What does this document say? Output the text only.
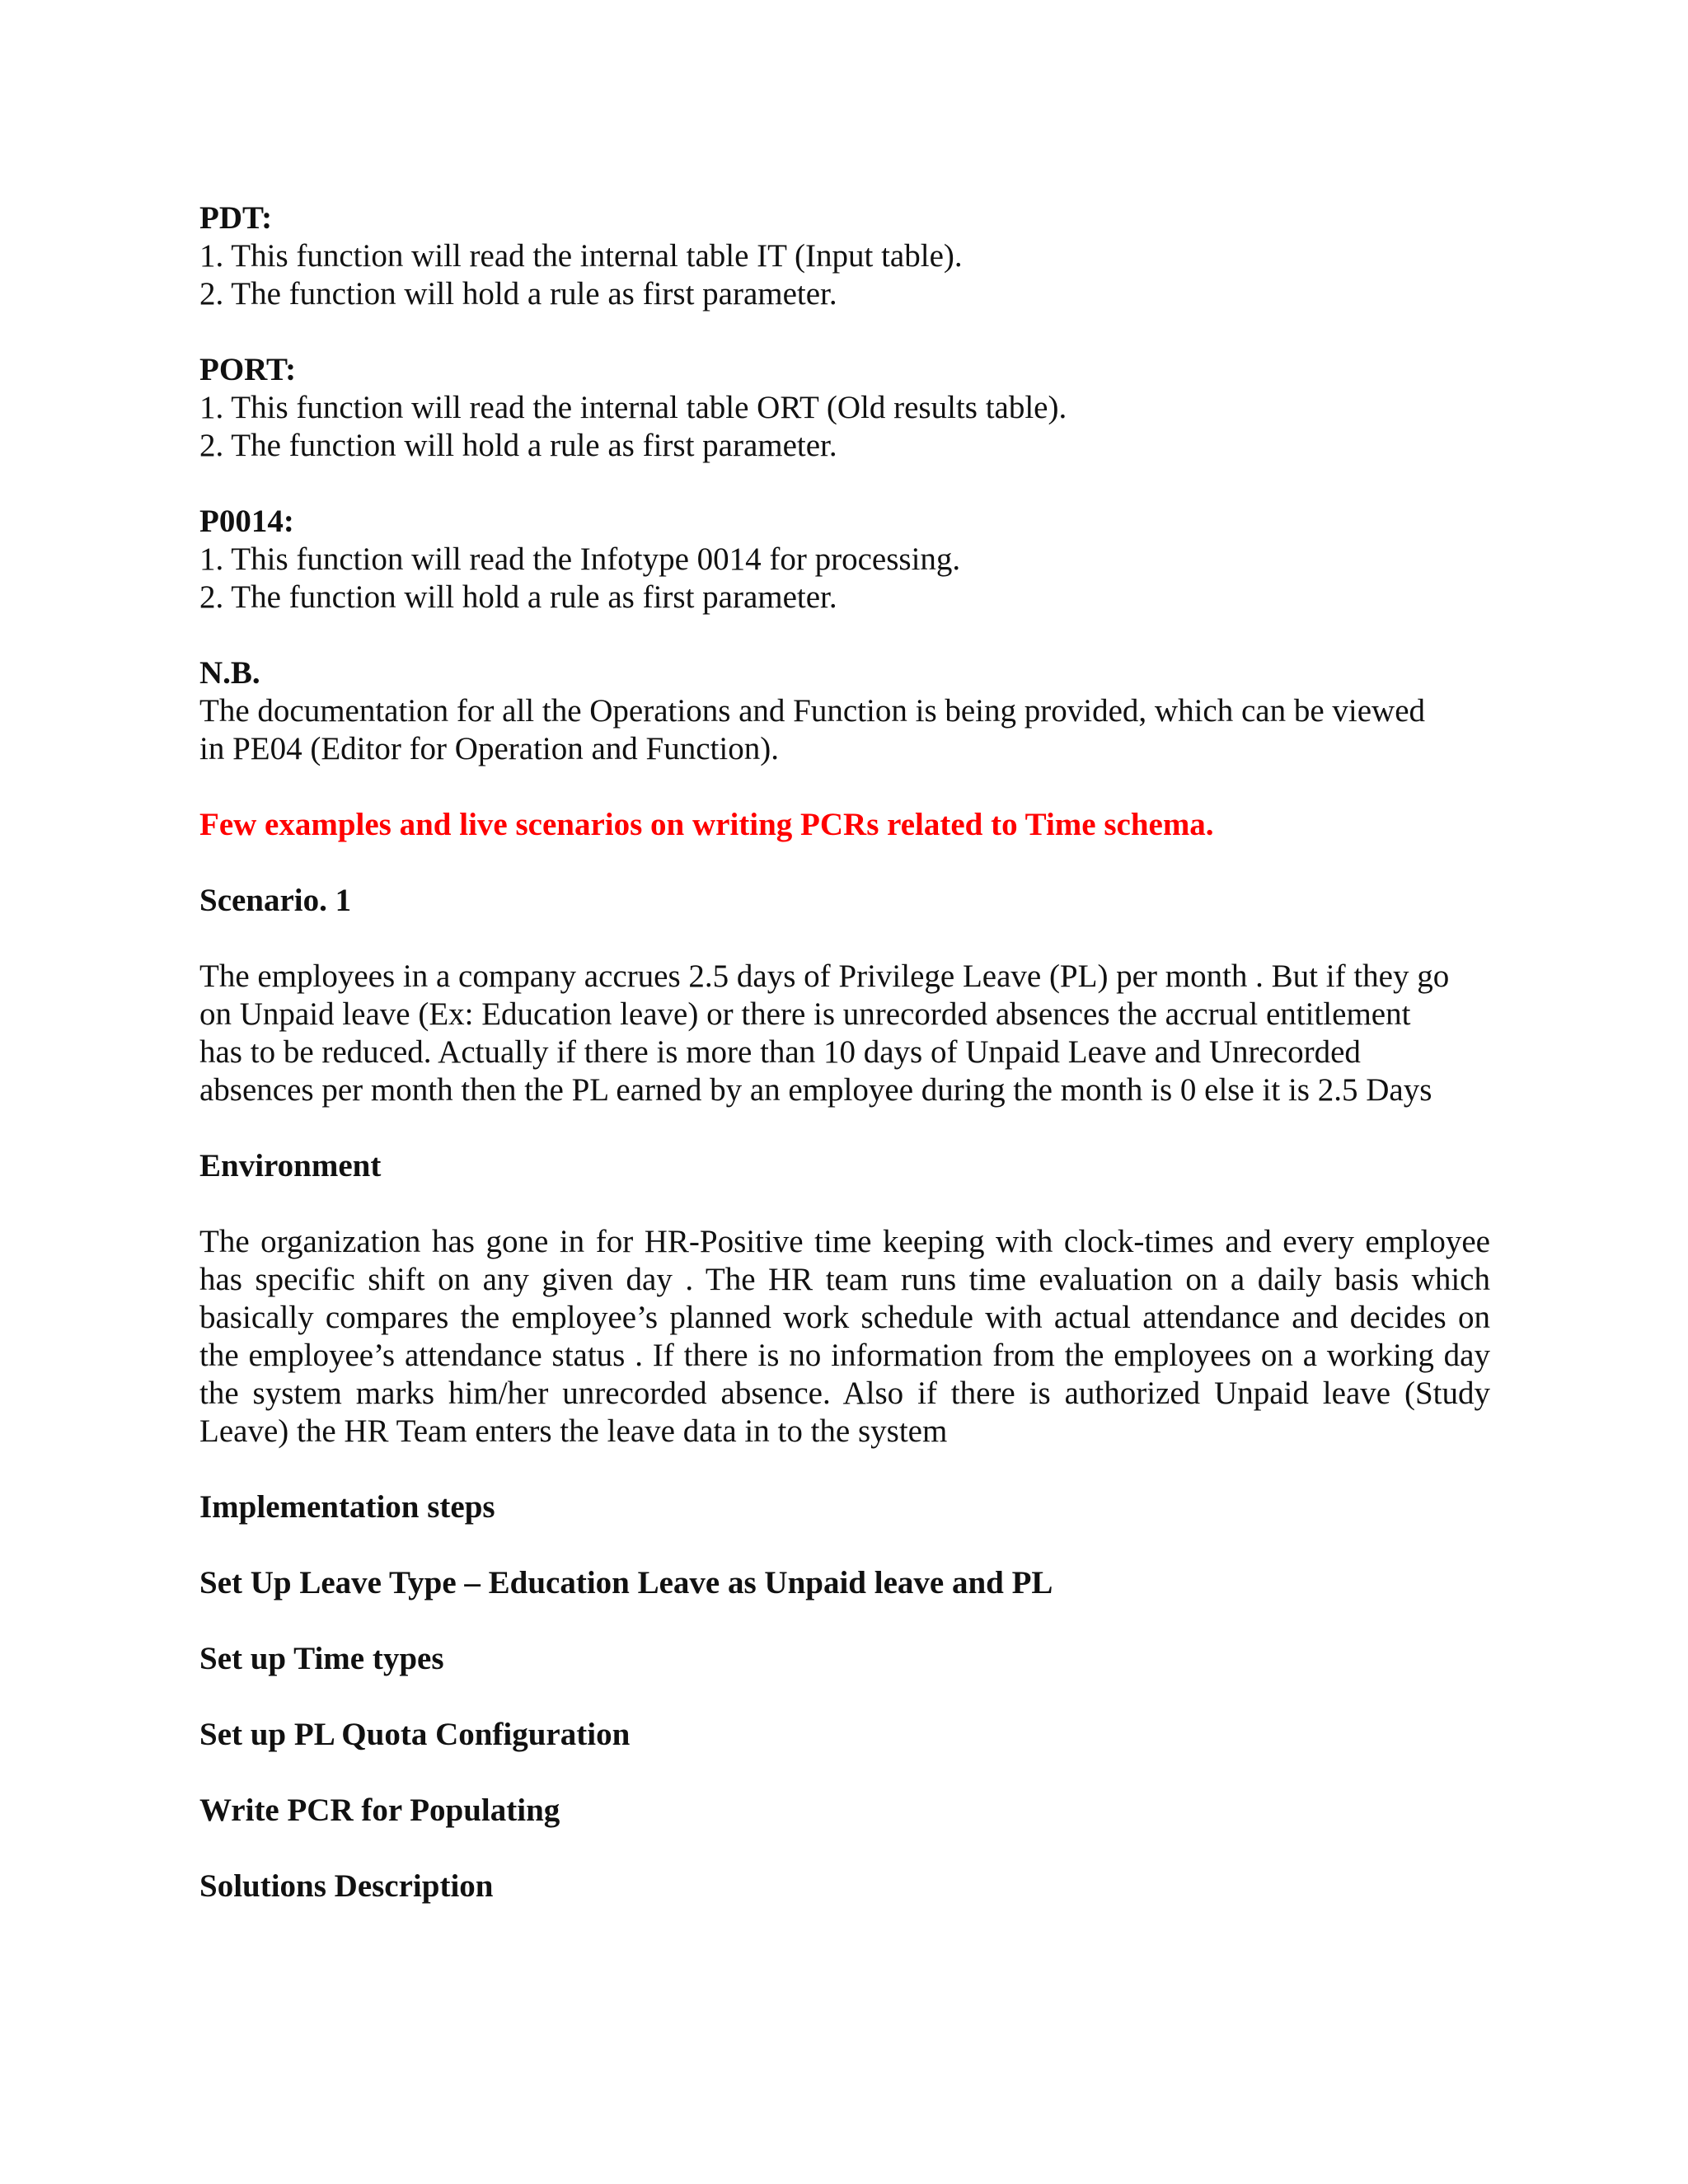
PDT:
1. This function will read the internal table IT (Input table).
2. The function will hold a rule as first parameter.
PORT:
1. This function will read the internal table ORT (Old results table).
2. The function will hold a rule as first parameter.
P0014:
1. This function will read the Infotype 0014 for processing.
2. The function will hold a rule as first parameter.
N.B.
The documentation for all the Operations and Function is being provided, which can be viewed
in PE04 (Editor for Operation and Function).
Few examples and live scenarios on writing PCRs related to Time schema.
Scenario. 1
The employees in a company accrues 2.5 days of Privilege Leave (PL) per month . But if they go
on Unpaid leave (Ex: Education leave) or there is unrecorded absences the accrual entitlement
has to be reduced. Actually if there is more than 10 days of Unpaid Leave and Unrecorded
absences per month then the PL earned by an employee during the month is 0 else it is 2.5 Days
Environment
The organization has gone in for HR-Positive time keeping with clock-times and every employee has specific shift on any given day . The HR team runs time evaluation on a daily basis which basically compares the employee’s planned work schedule with actual attendance and decides on the employee’s attendance status . If there is no information from the employees on a working day the system marks him/her unrecorded absence. Also if there is authorized Unpaid leave (Study Leave) the HR Team enters the leave data in to the system
Implementation steps
Set Up Leave Type – Education Leave as Unpaid leave and PL
Set up Time types
Set up PL Quota Configuration
Write PCR for Populating
Solutions Description
